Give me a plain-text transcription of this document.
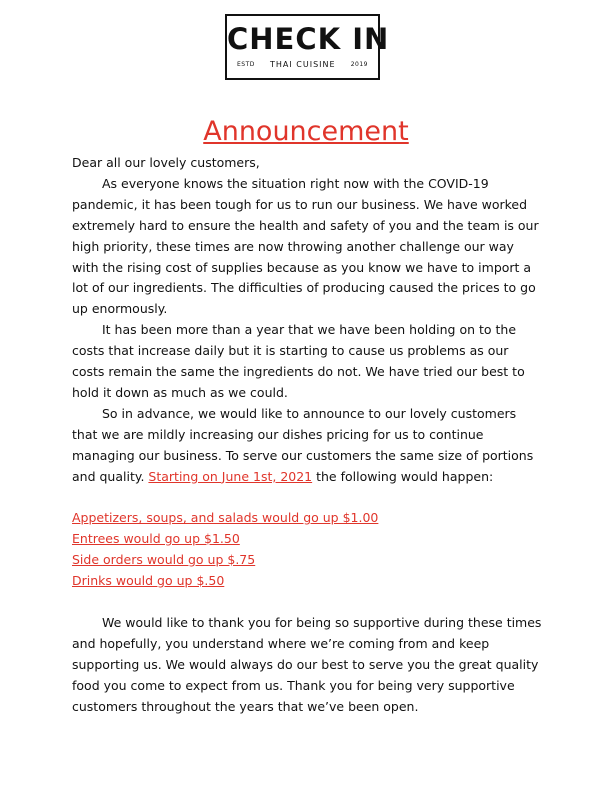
CHECK IN
ESTD THAI CUISINE	2019
Announcement

Dear all our lovely customers,

As everyone knows the situation right now with the COVID-19 pandemic, it has been tough for us to run our business. We have worked extremely hard to ensure the health and safety of you and the team is our high priority, these times are now throwing another challenge our way with the rising cost of supplies because as you know we have to import a lot of our ingredients. The difficulties of producing caused the prices to go up enormously.

It has been more than a year that we have been holding on to the costs that increase daily but it is starting to cause us problems as our costs remain the same the ingredients do not. We have tried our best to hold it down as much as we could.

So in advance, we would like to announce to our lovely customers that we are mildly increasing our dishes pricing for us to continue managing our business. To serve our customers the same size of portions and quality. Starting on June 1st, 2021 the following would happen:

Appetizers, soups, and salads would go up $1.00
Entrees would go up $1.50
Side orders would go up $.75
Drinks would go up $.50

We would like to thank you for being so supportive during these times and hopefully, you understand where we’re coming from and keep supporting us. We would always do our best to serve you the great quality food you come to expect from us. Thank you for being very supportive customers throughout the years that we’ve been open.
